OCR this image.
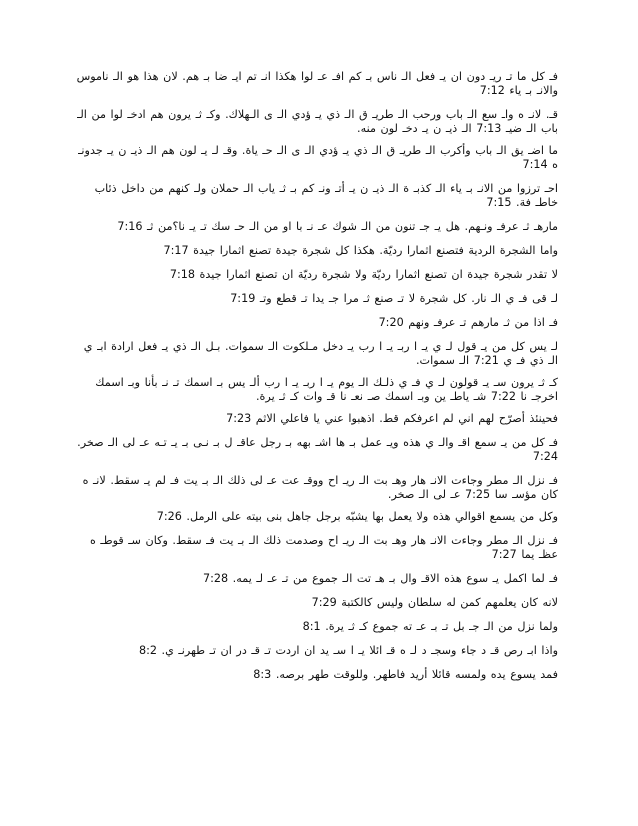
فـ كل ما تـ ريـ دون ان يـ فعل الـ ناس بـ كم افـ عـ لوا هكذا انـ تم ايـ ضا بـ هم. لان هذا هو الـ ناموس والانـ بـ ياء 7:12

قـ. لانـ ه واـ سع الـ باب ورحب الـ طريـ ق الـ ذي يـ ؤدي الـ ى الـهلاك. وكـ ثـ يرون هم ادخـ لوا من الـ باب الـ ضيـ 7:13 الـ ذيـ ن يـ دخـ لون منه.

ما اضـ يق الـ باب وأكرب الـ طريـ ق الـ ذي يـ ؤدي الـ ى الـ حـ ياة. وقـ لـ يـ لون هم الـ ذيـ ن يـ جدونـ ه 7:14

احـ ترزوا من الانـ بـ ياء الـ كذبـ ة الـ ذيـ ن يـ أتـ ونـ كم بـ ثـ ياب الـ حملان ولـ كنهم من داخل ذئاب خاطـ فة. 7:15

مارهـ ثـ عرفـ ونـهم. هل يـ جـ تنون من الـ شوك عـ نـ با او من الـ حـ سك تـ يـ نا؟من ثـ 7:16

واما الشجرة الردية فتصنع اثمارا رديّة. هكذا كل شجرة جيدة تصنع اثمارا جيدة 7:17

لا تقدر شجرة جيدة ان تصنع اثمارا رديّة ولا شجرة رديّة ان تصنع اثمارا جيدة 7:18

لـ قى فـ ي الـ نار. كل شجرة لا تـ صنع ثـ مرا جـ يدا تـ قطع وتـ 7:19

فـ اذا من ثـ مارهم تـ عرفـ ونهم 7:20

لـ يس كل من يـ قول لـ ي يـ ا ربـ يـ ا رب يـ دخل مـلكوت الـ سموات. بـل الـ ذي يـ فعل ارادة ابـ ي الـ ذي فـ ي 7:21 الـ سموات.

كـ ثـ يرون سـ يـ قولون لـ ي فـ ي ذلـك الـ يوم يـ ا ربـ يـ ا رب ألـ يس بـ اسمك تـ نـ بأنا وبـ اسمك اخرجـ نا 7:22 شـ ياطـ ين وبـ اسمك صـ نعـ نا قـ وات كـ ثـ يرة.

فحينئذ أصرّح لهم اني لم اعرفكم قط. اذهبوا عني يا فاعلي الاثم 7:23

فـ كل من يـ سمع اقـ والـ ي هذه ويـ عمل بـ ها اشـ بهه بـ رجل عاقـ ل بـ نـى بـ يـ تـه عـ لى الـ صخر. 7:24

فـ نزل الـ مطر وجاءت الانـ هار وهـ بت الـ ريـ اح ووقـ عت عـ لى ذلك الـ بـ يت فـ لم يـ سقط. لانـ ه كان مؤسـ سا 7:25 عـ لى الـ صخر.

وكل من يسمع اقوالي هذه ولا يعمل بها يشبّه برجل جاهل بنى بيته على الرمل. 7:26

فـ نزل الـ مطر وجاءت الانـ هار وهـ بت الـ ريـ اح وصدمت ذلك الـ بـ يت فـ سقط. وكان سـ قوطـ ه عظـ يما 7:27

فـ لما اكمل يـ سوع هذه الاقـ وال بـ هـ تت الـ جموع من تـ عـ لـ يمه. 7:28

لانه كان يعلمهم كمن له سلطان وليس كالكتبة 7:29

ولما نزل من الـ جـ بل تـ بـ عـ ته جموع كـ ثـ يرة. 8:1

واذا ابـ رص قـ د جاء وسجـ د لـ ه قـ ائلا يـ ا سـ يد ان اردت تـ قـ در ان تـ طهرنـ ي. 8:2

فمد يسوع يده ولمسه قائلا أريد فاطهر. وللوقت طهر برصه. 8:3
